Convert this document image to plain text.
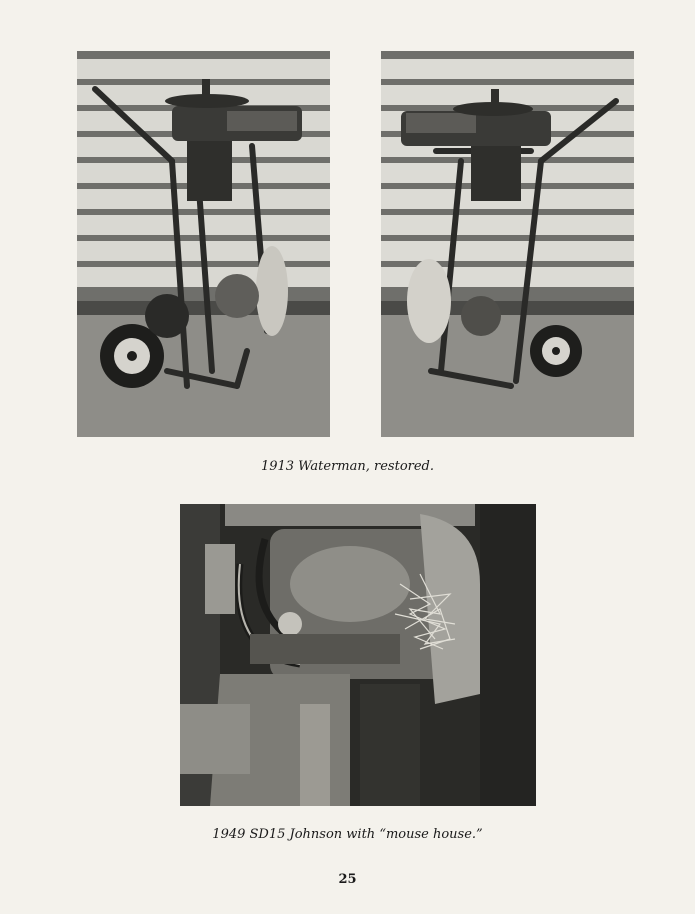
1913 Waterman, restored.
1949 SD15 Johnson with “mouse house.”
25
